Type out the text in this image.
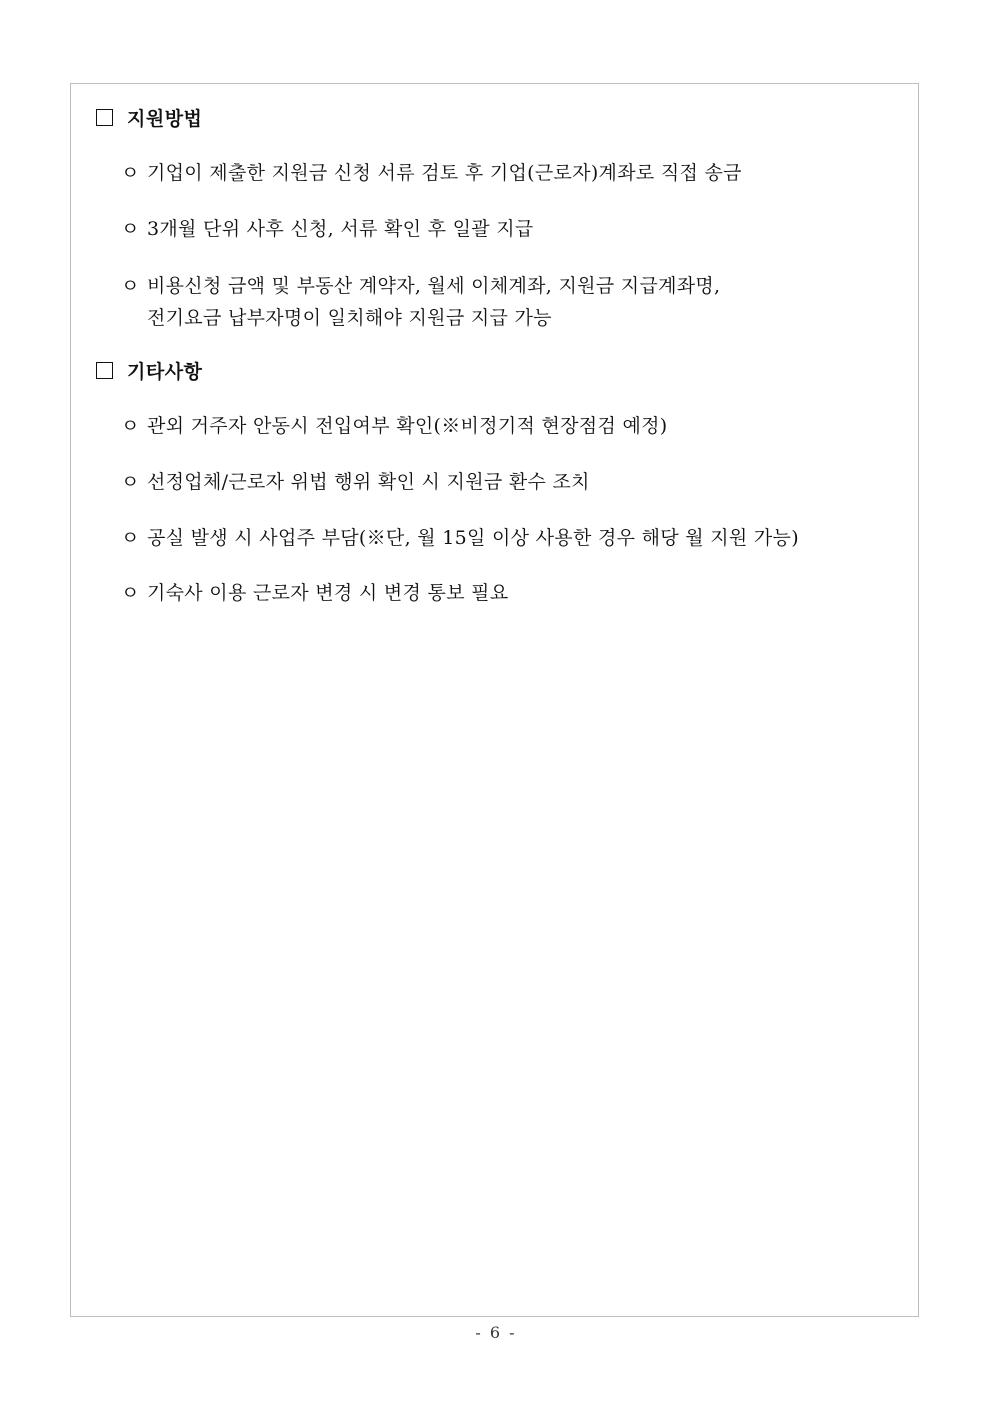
지원방법
ㅇ 기업이 제출한 지원금 신청 서류 검토 후 기업(근로자)계좌로 직접 송금
ㅇ 3개월 단위 사후 신청, 서류 확인 후 일괄 지급
ㅇ 비용신청 금액 및 부동산 계약자, 월세 이체계좌, 지원금 지급계좌명,
전기요금 납부자명이 일치해야 지원금 지급 가능
기타사항
ㅇ 관외 거주자 안동시 전입여부 확인(※비정기적 현장점검 예정)
ㅇ 선정업체/근로자 위법 행위 확인 시 지원금 환수 조치
ㅇ 공실 발생 시 사업주 부담(※단, 월 15일 이상 사용한 경우 해당 월 지원 가능)
ㅇ 기숙사 이용 근로자 변경 시 변경 통보 필요
- 6 -
